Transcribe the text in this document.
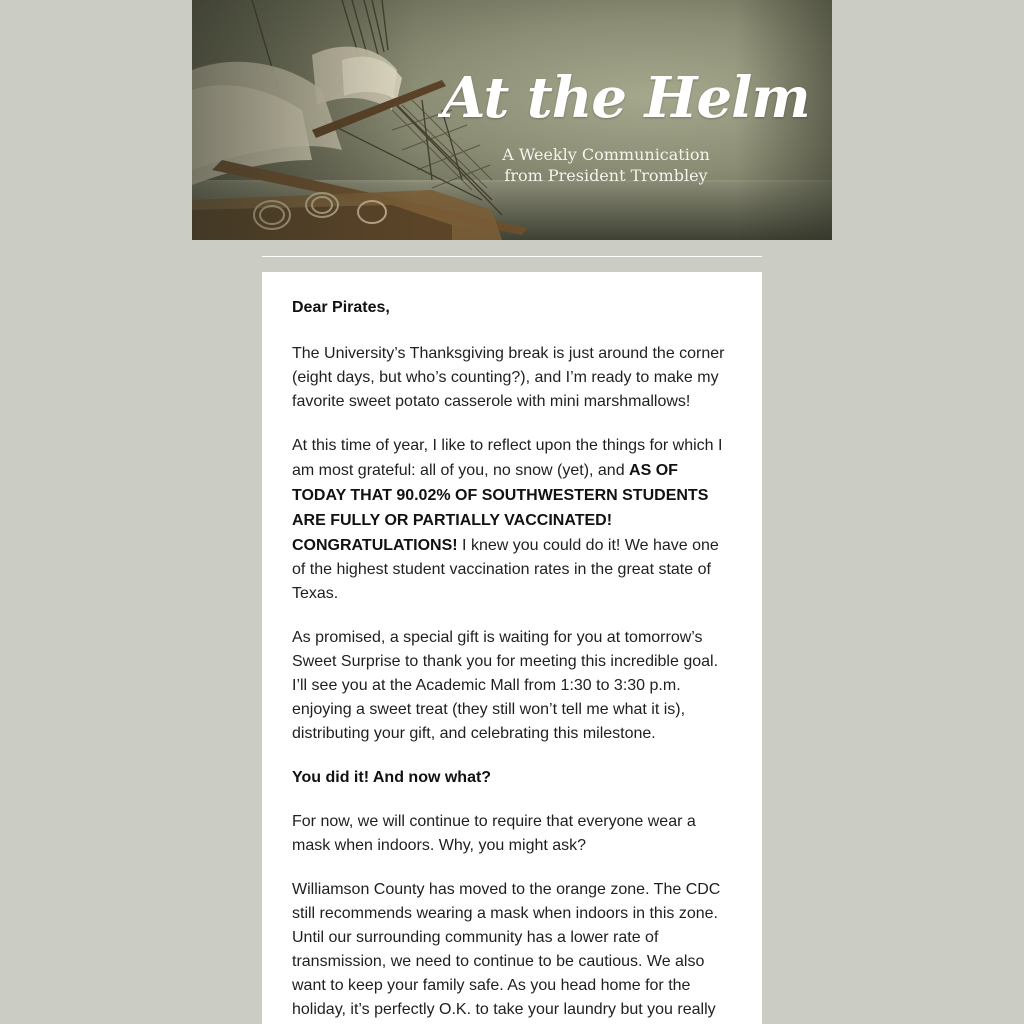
At the Helm
A Weekly Communication
from President Trombley

Dear Pirates,

The University’s Thanksgiving break is just around the corner (eight days, but who’s counting?), and I’m ready to make my favorite sweet potato casserole with mini marshmallows!

At this time of year, I like to reflect upon the things for which I am most grateful: all of you, no snow (yet), and AS OF TODAY THAT 90.02% OF SOUTHWESTERN STUDENTS ARE FULLY OR PARTIALLY VACCINATED! CONGRATULATIONS! I knew you could do it! We have one of the highest student vaccination rates in the great state of Texas.

As promised, a special gift is waiting for you at tomorrow’s Sweet Surprise to thank you for meeting this incredible goal. I’ll see you at the Academic Mall from 1:30 to 3:30 p.m. enjoying a sweet treat (they still won’t tell me what it is), distributing your gift, and celebrating this milestone.

You did it! And now what?

For now, we will continue to require that everyone wear a mask when indoors. Why, you might ask?

Williamson County has moved to the orange zone. The CDC still recommends wearing a mask when indoors in this zone. Until our surrounding community has a lower rate of transmission, we need to continue to be cautious. We also want to keep your family safe. As you head home for the holiday, it’s perfectly O.K. to take your laundry but you really
